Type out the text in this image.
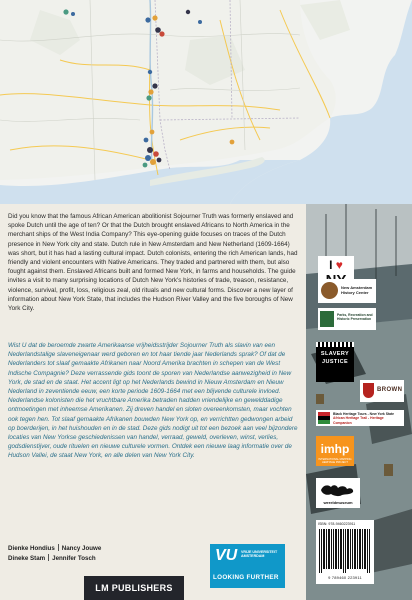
Did you know that the famous African American abolitionist Sojourner Truth was formerly enslaved and spoke Dutch until the age of ten? Or that the Dutch brought enslaved Africans to North America in the merchant ships of the West India Company? This eye-opening guide focuses on traces of the Dutch presence in New York city and state. Dutch rule in New Amsterdam and New Netherland (1609-1664) was short, but it has had a lasting cultural impact. Dutch colonists, entering the rich American lands, had friendly and violent encounters with Native Americans. They traded and partnered with them, but also fought against them. Enslaved Africans built and formed New York, in farms and households. The guide invites a visit to many surprising locations of Dutch New York's histories of trade, treason, resistance, violence, survival, profit, loss, religious zeal, old rituals and new cultural forms. Discover a new layer of information about New York State, that includes the Hudson River Valley and the five boroughs of New York City.

Wist U dat de beroemde zwarte Amerikaanse vrijheidsstrijder Sojourner Truth als slavin van een Nederlandstalige slaveneigenaar werd geboren en tot haar tiende jaar Nederlands sprak? Of dat de Nederlanders tot slaaf gemaakte Afrikanen naar Noord Amerika brachten in schepen van de West Indische Compagnie? Deze verrassende gids toont de sporen van Nederlandse aanwezigheid in New York, de stad en de staat. Het accent ligt op het Nederlands bewind in Nieuw Amsterdam en Nieuw Nederland in zeventiende eeuw, een korte periode 1609-1664 met een blijvende culturele invloed. Nederlandse kolonisten die het vruchtbare Amerika betraden hadden vriendelijke en gewelddadige ontmoetingen met inheemse Amerikanen. Zij dreven handel en sloten overeenkomsten, maar vochten ook tegen hen. Tot slaaf gemaakte Afrikanen bouwden New York op, en verrichtten gedwongen arbeid op boerderijen, in het huishouden en in de stad. Deze gids nodigt uit tot een bezoek aan veel bijzondere locaties van New Yorkse geschiedenissen van handel, verraad, geweld, overleven, winst, verlies, godsdienstijver, oude rituelen en nieuwe culturele vormen. Ontdek een nieuwe laag informatie over de Hudson Vallei, de staat New York, en alle delen van New York City.

Dienke Hondius Nancy Jouwe
Dineke Stam Jennifer Tosch
LM PUBLISHERS
VU VRIJE UNIVERSITEIT AMSTERDAM
LOOKING FURTHER
I ♥
New Amsterdam History Center
Parks, Recreation and Historic Preservation
SLAVERY
JUSTICE
BROWN
Black Heritage Tours - New York State
African Heritage Trail - Heritage Companion
imhp
INTERNATIONAL MAPPING HERITAGE PROJECT
wereldmuseum
ISBN: 978-9460223911
9 789460 223911
